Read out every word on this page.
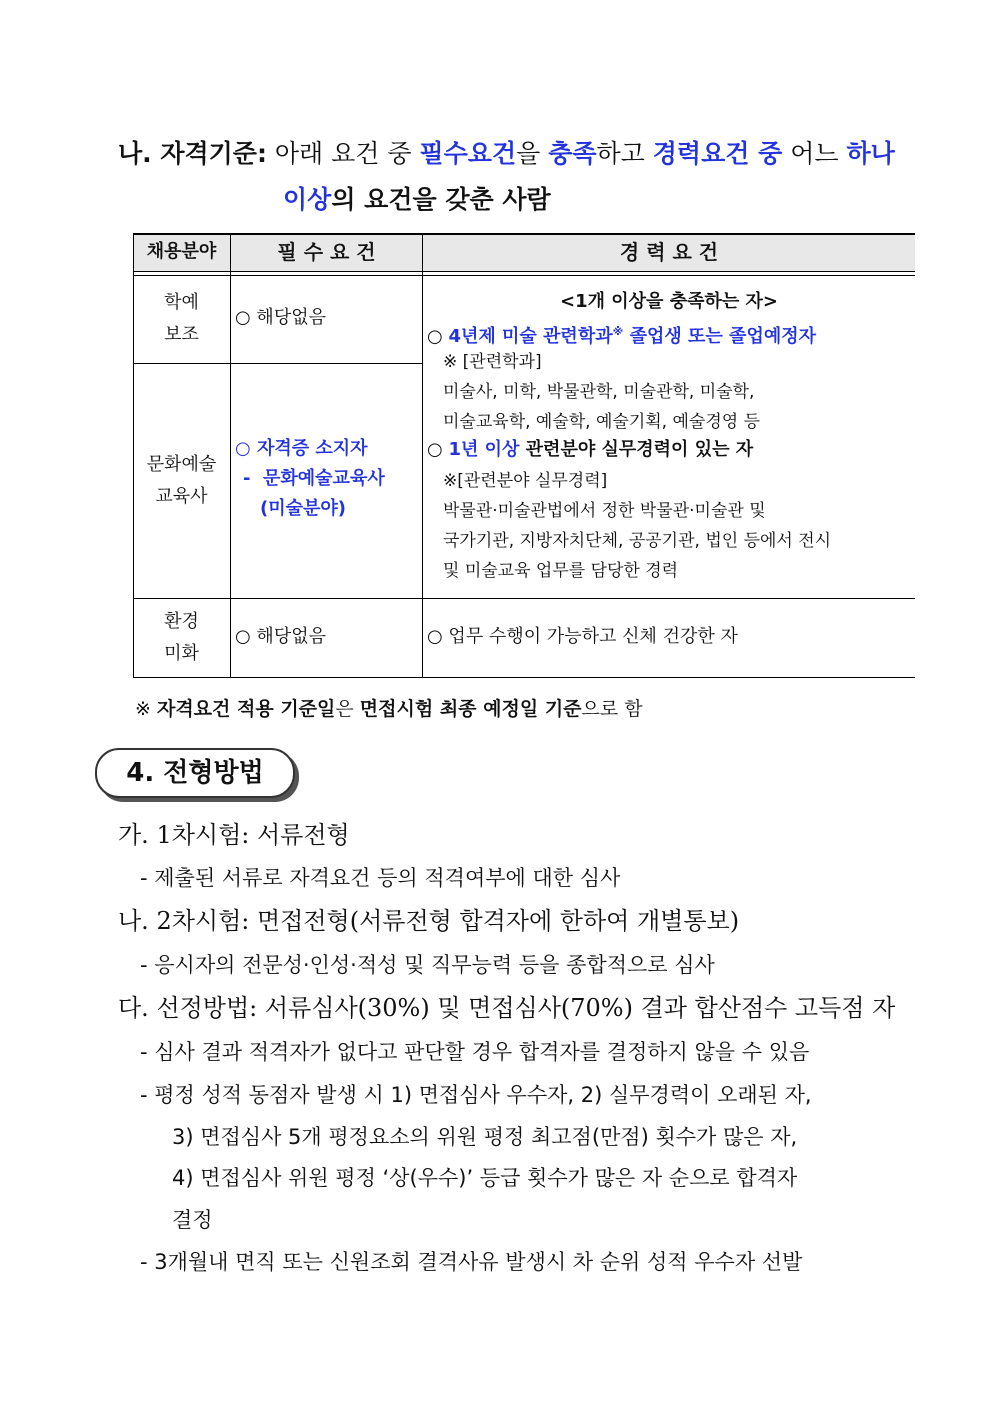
나. 자격기준: 아래 요건 중 필수요건을 충족하고 경력요건 중 어느 하나
이상의 요건을 갖춘 사람
채용분야	필 수 요 건	경 력 요 건
학예
보조
문화예술
교육사
환경
미화
○ 해당없음
○ 자격증 소지자
-  문화예술교육사
(미술분야)
○ 해당없음
<1개 이상을 충족하는 자>
○ 4년제 미술 관련학과※ 졸업생 또는 졸업예정자
※ [관련학과]
미술사, 미학, 박물관학, 미술관학, 미술학,
미술교육학, 예술학, 예술기획, 예술경영 등
○ 1년 이상 관련분야 실무경력이 있는 자
※[관련분야 실무경력]
박물관·미술관법에서 정한 박물관·미술관 및
국가기관, 지방자치단체, 공공기관, 법인 등에서 전시
및 미술교육 업무를 담당한 경력
○ 업무 수행이 가능하고 신체 건강한 자
※ 자격요건 적용 기준일은 면접시험 최종 예정일 기준으로 함
4. 전형방법
가. 1차시험: 서류전형
- 제출된 서류로 자격요건 등의 적격여부에 대한 심사
나. 2차시험: 면접전형(서류전형 합격자에 한하여 개별통보)
- 응시자의 전문성·인성·적성 및 직무능력 등을 종합적으로 심사
다. 선정방법: 서류심사(30%) 및 면접심사(70%) 결과 합산점수 고득점 자
- 심사 결과 적격자가 없다고 판단할 경우 합격자를 결정하지 않을 수 있음
- 평정 성적 동점자 발생 시 1) 면접심사 우수자, 2) 실무경력이 오래된 자,
3) 면접심사 5개 평정요소의 위원 평정 최고점(만점) 횟수가 많은 자,
4) 면접심사 위원 평정 ‘상(우수)’ 등급 횟수가 많은 자 순으로 합격자
결정
- 3개월내 면직 또는 신원조회 결격사유 발생시 차 순위 성적 우수자 선발
